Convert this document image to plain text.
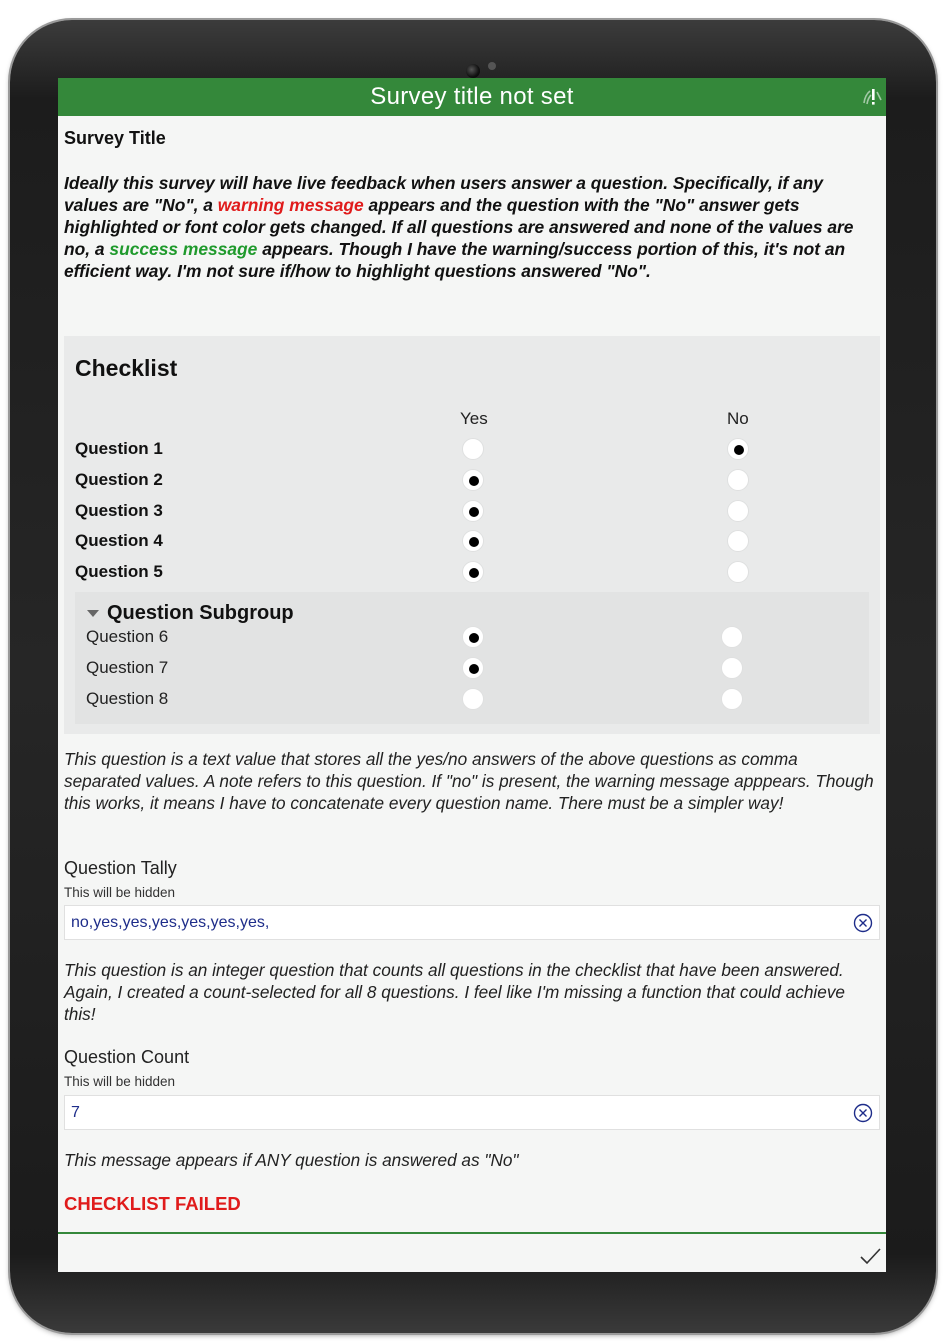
Survey title not set
Survey Title
Ideally this survey will have live feedback when users answer a question. Specifically, if any values are "No", a warning message appears and the question with the "No" answer gets highlighted or font color gets changed. If all questions are answered and none of the values are no, a success message appears. Though I have the warning/success portion of this, it's not an efficient way. I'm not sure if/how to highlight questions answered "No".
Checklist
Yes	No
Question 1
Question 2
Question 3
Question 4
Question 5
Question Subgroup
Question 6
Question 7
Question 8
This question is a text value that stores all the yes/no answers of the above questions as comma separated values. A note refers to this question. If "no" is present, the warning message apppears. Though this works, it means I have to concatenate every question name. There must be a simpler way!
Question Tally
This will be hidden
no,yes,yes,yes,yes,yes,yes,
This question is an integer question that counts all questions in the checklist that have been answered. Again, I created a count-selected for all 8 questions. I feel like I'm missing a function that could achieve this!
Question Count
This will be hidden
7
This message appears if ANY question is answered as "No"
CHECKLIST FAILED
